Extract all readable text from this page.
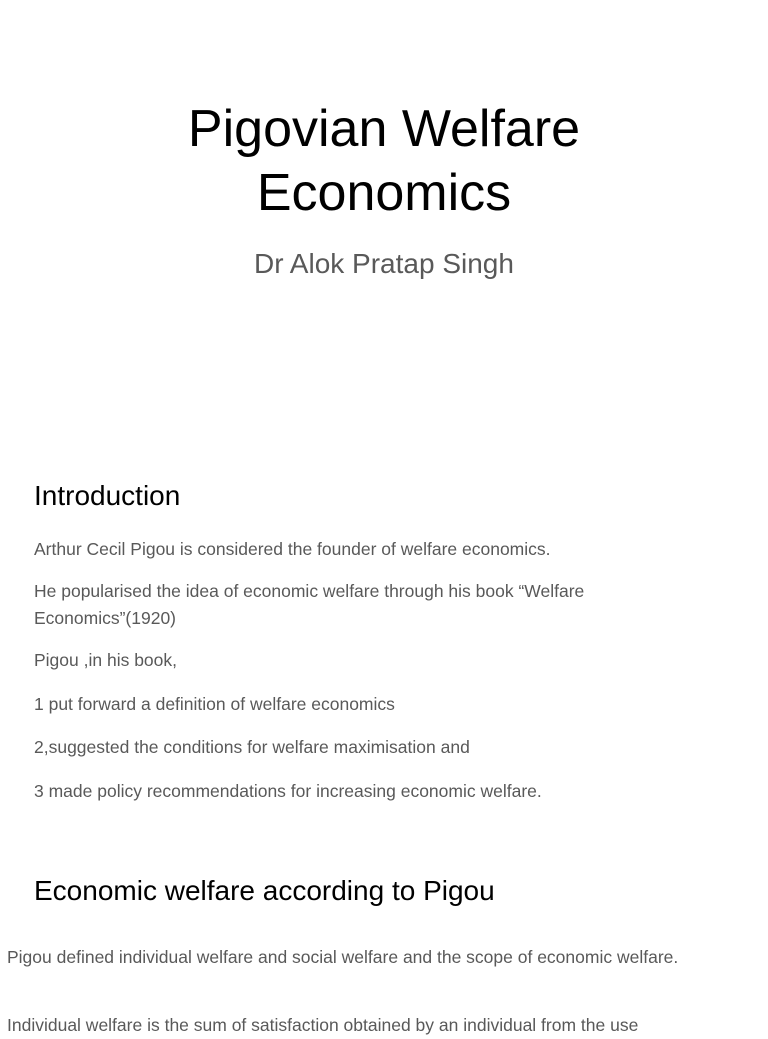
Pigovian Welfare
Economics

Dr Alok Pratap Singh

Introduction

Arthur Cecil Pigou is considered the founder of welfare economics.

He popularised the idea of economic welfare through his book “Welfare Economics”(1920)

Pigou ,in his book,

1 put forward a definition of welfare economics

2,suggested the conditions for welfare maximisation and

3 made policy recommendations for increasing economic welfare.

Economic welfare according to Pigou

Pigou defined individual welfare and social welfare and the scope of economic welfare.

Individual welfare is the sum of satisfaction obtained by an individual from the use
